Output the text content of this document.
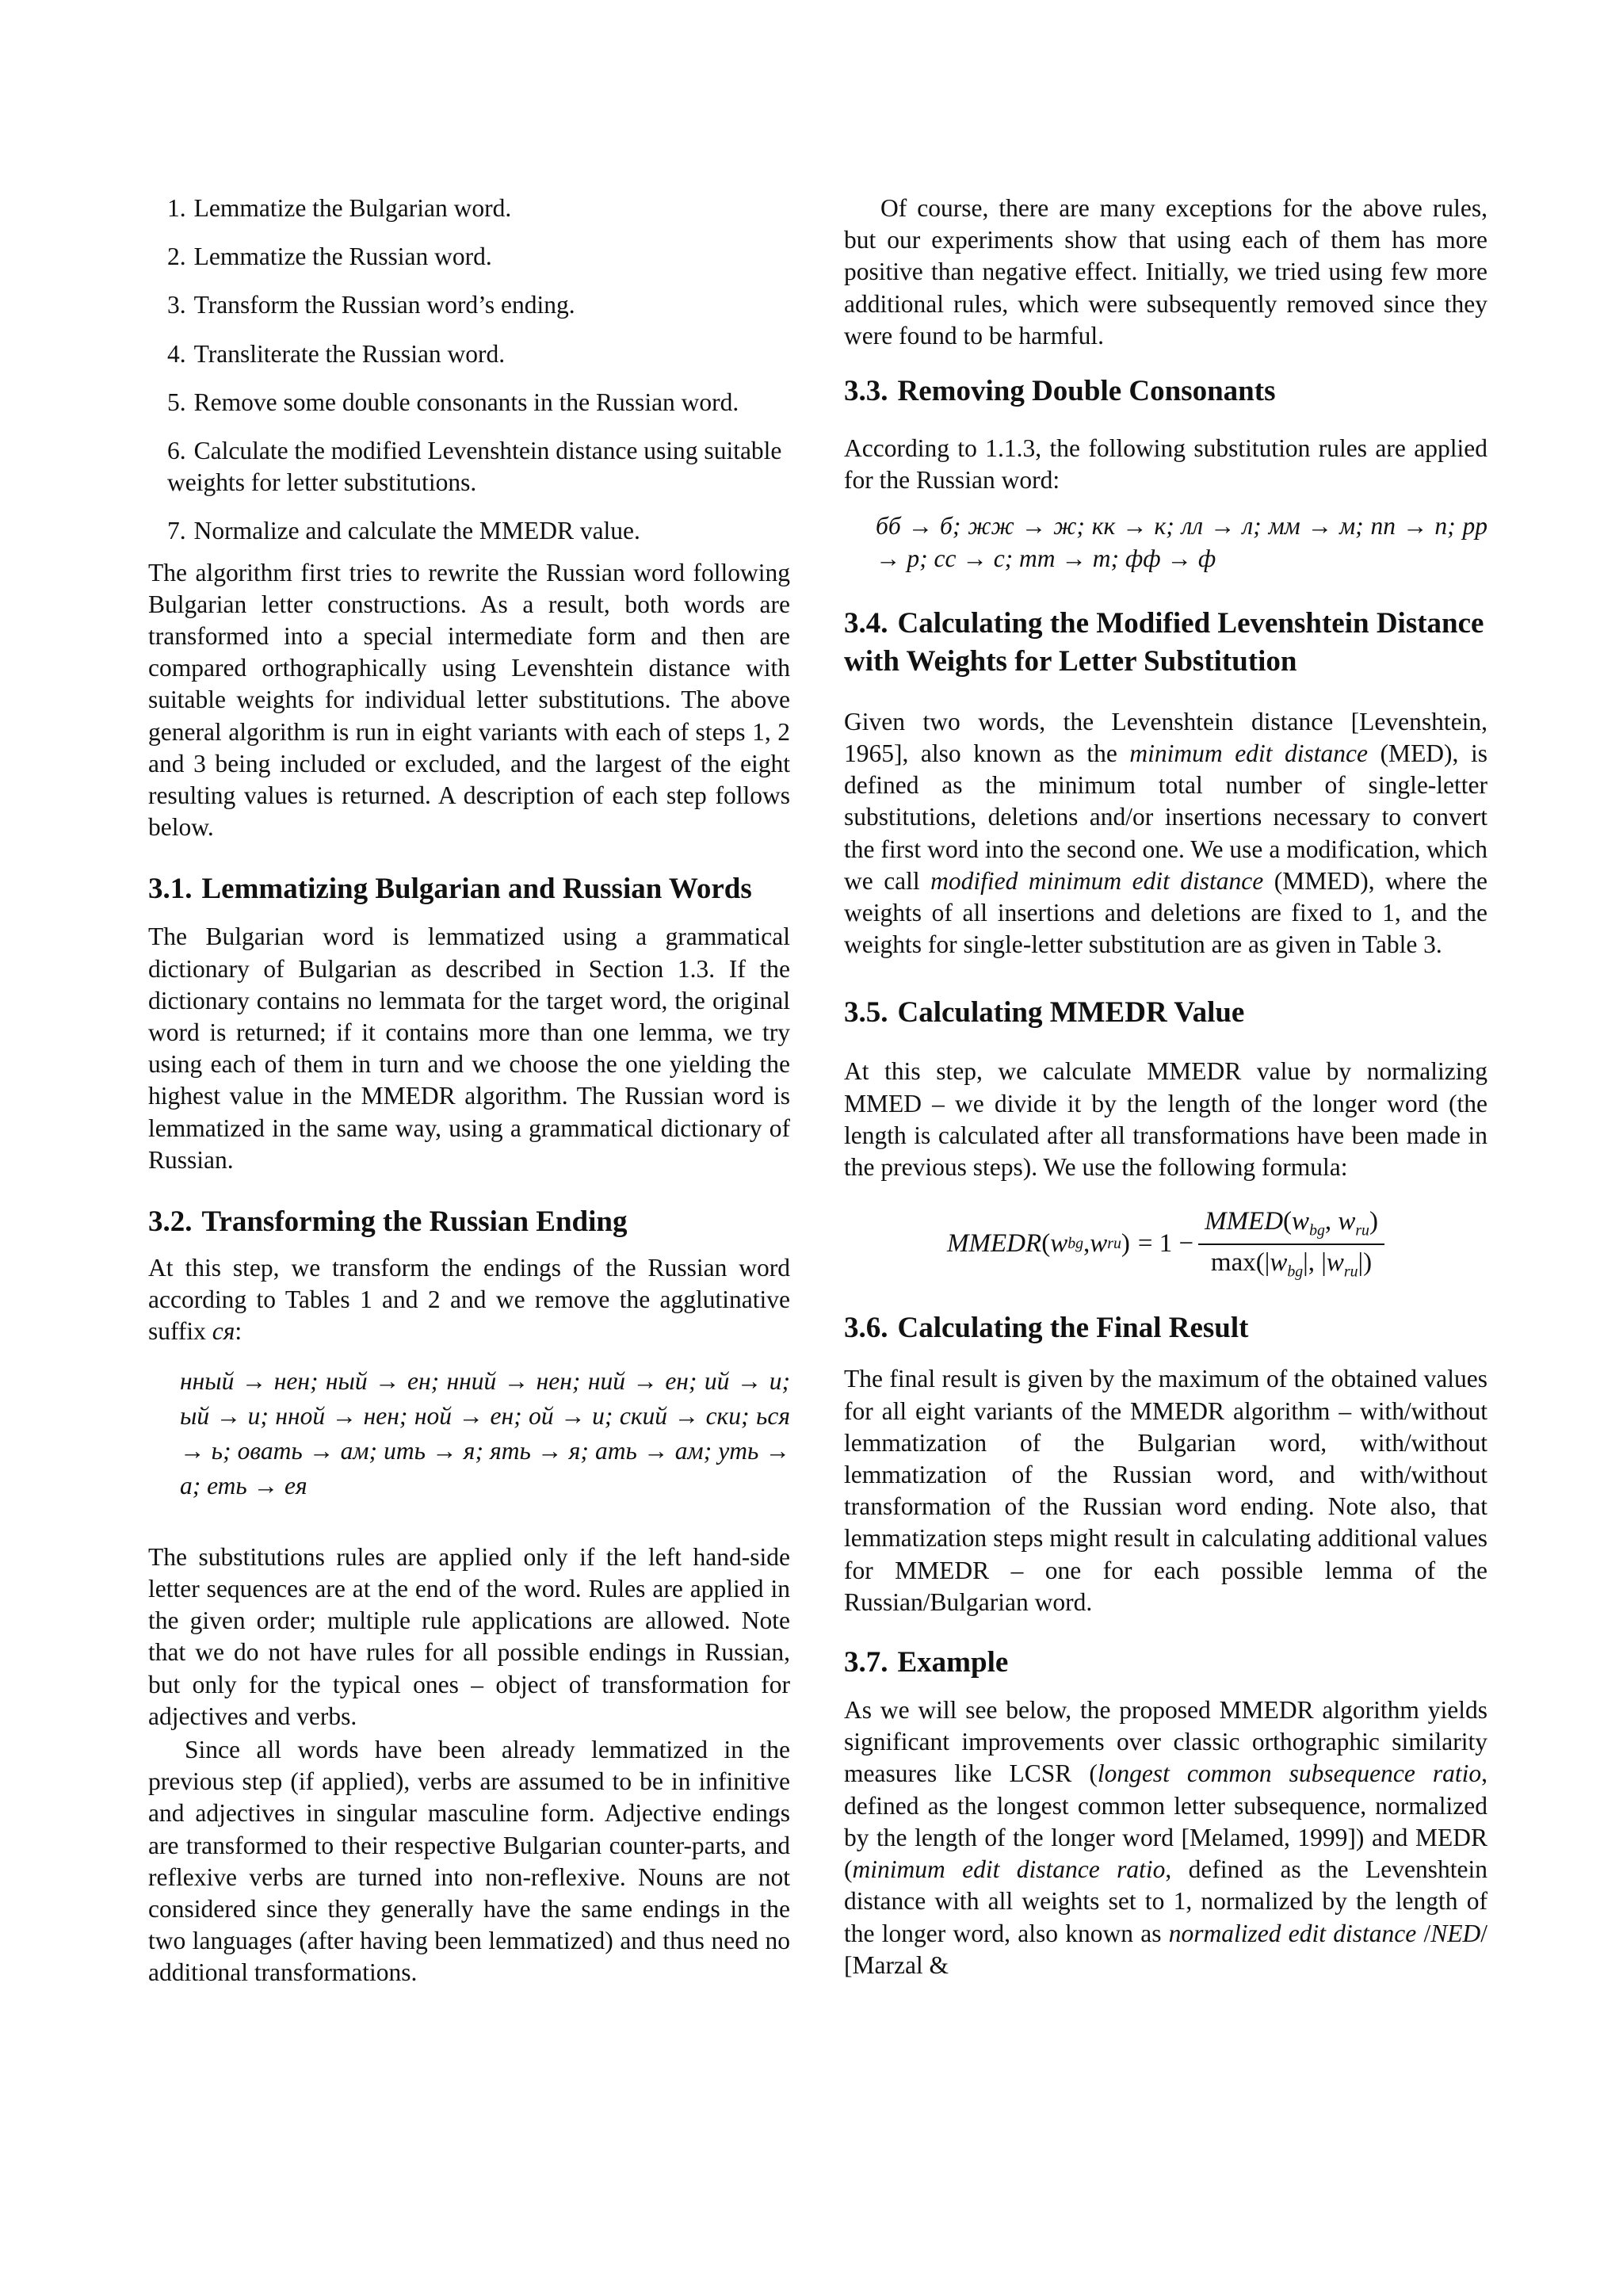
1. Lemmatize the Bulgarian word.
2. Lemmatize the Russian word.
3. Transform the Russian word’s ending.
4. Transliterate the Russian word.
5. Remove some double consonants in the Russian word.
6. Calculate the modified Levenshtein distance using suitable weights for letter substitutions.
7. Normalize and calculate the MMEDR value.

The algorithm first tries to rewrite the Russian word following Bulgarian letter constructions. As a result, both words are transformed into a special intermediate form and then are compared orthographically using Levenshtein distance with suitable weights for individual letter substitutions. The above general algorithm is run in eight variants with each of steps 1, 2 and 3 being included or excluded, and the largest of the eight resulting values is returned. A description of each step follows below.

3.1. Lemmatizing Bulgarian and Russian Words

The Bulgarian word is lemmatized using a grammatical dictionary of Bulgarian as described in Section 1.3. If the dictionary contains no lemmata for the target word, the original word is returned; if it contains more than one lemma, we try using each of them in turn and we choose the one yielding the highest value in the MMEDR algorithm. The Russian word is lemmatized in the same way, using a grammatical dictionary of Russian.

3.2. Transforming the Russian Ending

At this step, we transform the endings of the Russian word according to Tables 1 and 2 and we remove the agglutinative suffix ся:

нный → нен; ный → ен; нний → нен; ний → ен; ий → и; ый → и; нной → нен; ной → ен; ой → и; ский → ски; ься → ь; овать → ам; ить → я; ять → я; ать → ам; уть → а; еть → ея

The substitutions rules are applied only if the left hand-side letter sequences are at the end of the word. Rules are applied in the given order; multiple rule applications are allowed. Note that we do not have rules for all possible endings in Russian, but only for the typical ones – object of transformation for adjectives and verbs.

Since all words have been already lemmatized in the previous step (if applied), verbs are assumed to be in infinitive and adjectives in singular masculine form. Adjective endings are transformed to their respective Bulgarian counter-parts, and reflexive verbs are turned into non-reflexive. Nouns are not considered since they generally have the same endings in the two languages (after having been lemmatized) and thus need no additional transformations.

Of course, there are many exceptions for the above rules, but our experiments show that using each of them has more positive than negative effect. Initially, we tried using few more additional rules, which were subsequently removed since they were found to be harmful.

3.3. Removing Double Consonants

According to 1.1.3, the following substitution rules are applied for the Russian word:

бб → б; жж → ж; кк → к; лл → л; мм → м; пп → п; рр → р; сс → с; тт → т; фф → ф

3.4. Calculating the Modified Levenshtein Distance with Weights for Letter Substitution

Given two words, the Levenshtein distance [Levenshtein, 1965], also known as the minimum edit distance (MED), is defined as the minimum total number of single-letter substitutions, deletions and/or insertions necessary to convert the first word into the second one. We use a modification, which we call modified minimum edit distance (MMED), where the weights of all insertions and deletions are fixed to 1, and the weights for single-letter substitution are as given in Table 3.

3.5. Calculating MMEDR Value

At this step, we calculate MMEDR value by normalizing MMED – we divide it by the length of the longer word (the length is calculated after all transformations have been made in the previous steps). We use the following formula:

MMEDR ( w bg , w ru ) = $1 - \frac{MMED(w_{bg}, w_{ru})}{\max(|w_{bg}|, |w_{ru}|)}$
3.6. Calculating the Final Result

The final result is given by the maximum of the obtained values for all eight variants of the MMEDR algorithm – with/without lemmatization of the Bulgarian word, with/without lemmatization of the Russian word, and with/without transformation of the Russian word ending. Note also, that lemmatization steps might result in calculating additional values for MMEDR – one for each possible lemma of the Russian/Bulgarian word.

3.7. Example

As we will see below, the proposed MMEDR algorithm yields significant improvements over classic orthographic similarity measures like LCSR (longest common subsequence ratio, defined as the longest common letter subsequence, normalized by the length of the longer word [Melamed, 1999]) and MEDR (minimum edit distance ratio, defined as the Levenshtein distance with all weights set to 1, normalized by the length of the longer word, also known as normalized edit distance /NED/ [Marzal &
